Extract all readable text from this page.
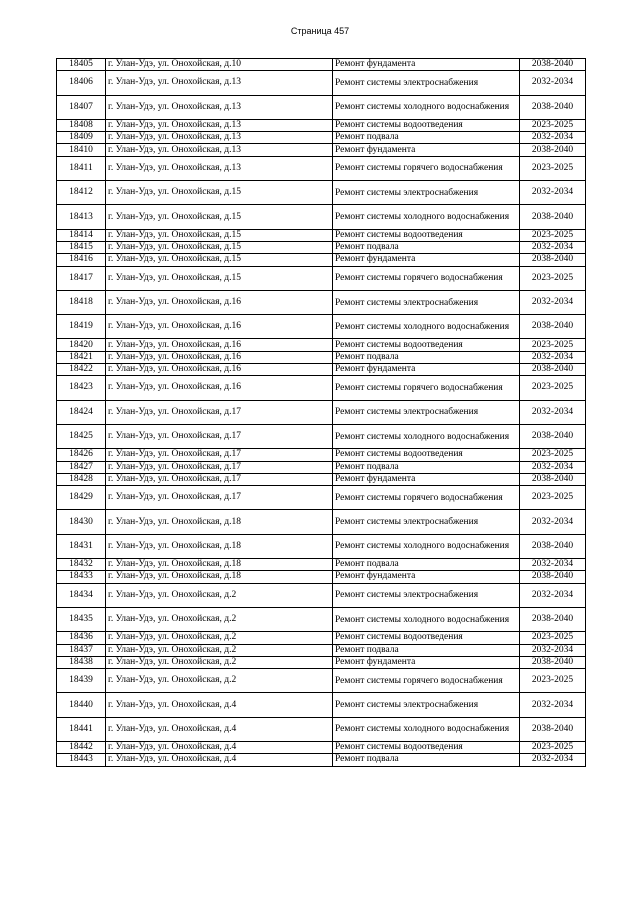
Страница 457
18405	г. Улан-Удэ, ул. Онохойская, д.10	Ремонт фундамента	2038-2040
18406	г. Улан-Удэ, ул. Онохойская, д.13	Ремонт системы электроснабжения	2032-2034
18407	г. Улан-Удэ, ул. Онохойская, д.13	Ремонт системы холодного водоснабжения	2038-2040
18408	г. Улан-Удэ, ул. Онохойская, д.13	Ремонт системы водоотведения	2023-2025
18409	г. Улан-Удэ, ул. Онохойская, д.13	Ремонт подвала	2032-2034
18410	г. Улан-Удэ, ул. Онохойская, д.13	Ремонт фундамента	2038-2040
18411	г. Улан-Удэ, ул. Онохойская, д.13	Ремонт системы горячего водоснабжения	2023-2025
18412	г. Улан-Удэ, ул. Онохойская, д.15	Ремонт системы электроснабжения	2032-2034
18413	г. Улан-Удэ, ул. Онохойская, д.15	Ремонт системы холодного водоснабжения	2038-2040
18414	г. Улан-Удэ, ул. Онохойская, д.15	Ремонт системы водоотведения	2023-2025
18415	г. Улан-Удэ, ул. Онохойская, д.15	Ремонт подвала	2032-2034
18416	г. Улан-Удэ, ул. Онохойская, д.15	Ремонт фундамента	2038-2040
18417	г. Улан-Удэ, ул. Онохойская, д.15	Ремонт системы горячего водоснабжения	2023-2025
18418	г. Улан-Удэ, ул. Онохойская, д.16	Ремонт системы электроснабжения	2032-2034
18419	г. Улан-Удэ, ул. Онохойская, д.16	Ремонт системы холодного водоснабжения	2038-2040
18420	г. Улан-Удэ, ул. Онохойская, д.16	Ремонт системы водоотведения	2023-2025
18421	г. Улан-Удэ, ул. Онохойская, д.16	Ремонт подвала	2032-2034
18422	г. Улан-Удэ, ул. Онохойская, д.16	Ремонт фундамента	2038-2040
18423	г. Улан-Удэ, ул. Онохойская, д.16	Ремонт системы горячего водоснабжения	2023-2025
18424	г. Улан-Удэ, ул. Онохойская, д.17	Ремонт системы электроснабжения	2032-2034
18425	г. Улан-Удэ, ул. Онохойская, д.17	Ремонт системы холодного водоснабжения	2038-2040
18426	г. Улан-Удэ, ул. Онохойская, д.17	Ремонт системы водоотведения	2023-2025
18427	г. Улан-Удэ, ул. Онохойская, д.17	Ремонт подвала	2032-2034
18428	г. Улан-Удэ, ул. Онохойская, д.17	Ремонт фундамента	2038-2040
18429	г. Улан-Удэ, ул. Онохойская, д.17	Ремонт системы горячего водоснабжения	2023-2025
18430	г. Улан-Удэ, ул. Онохойская, д.18	Ремонт системы электроснабжения	2032-2034
18431	г. Улан-Удэ, ул. Онохойская, д.18	Ремонт системы холодного водоснабжения	2038-2040
18432	г. Улан-Удэ, ул. Онохойская, д.18	Ремонт подвала	2032-2034
18433	г. Улан-Удэ, ул. Онохойская, д.18	Ремонт фундамента	2038-2040
18434	г. Улан-Удэ, ул. Онохойская, д.2	Ремонт системы электроснабжения	2032-2034
18435	г. Улан-Удэ, ул. Онохойская, д.2	Ремонт системы холодного водоснабжения	2038-2040
18436	г. Улан-Удэ, ул. Онохойская, д.2	Ремонт системы водоотведения	2023-2025
18437	г. Улан-Удэ, ул. Онохойская, д.2	Ремонт подвала	2032-2034
18438	г. Улан-Удэ, ул. Онохойская, д.2	Ремонт фундамента	2038-2040
18439	г. Улан-Удэ, ул. Онохойская, д.2	Ремонт системы горячего водоснабжения	2023-2025
18440	г. Улан-Удэ, ул. Онохойская, д.4	Ремонт системы электроснабжения	2032-2034
18441	г. Улан-Удэ, ул. Онохойская, д.4	Ремонт системы холодного водоснабжения	2038-2040
18442	г. Улан-Удэ, ул. Онохойская, д.4	Ремонт системы водоотведения	2023-2025
18443	г. Улан-Удэ, ул. Онохойская, д.4	Ремонт подвала	2032-2034
